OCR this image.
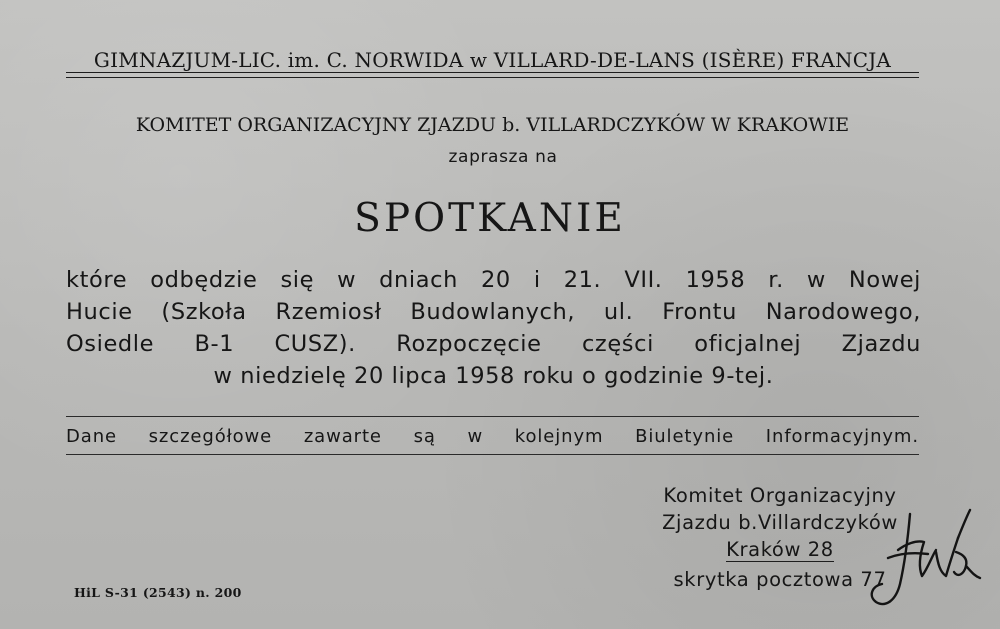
GIMNAZJUM-LIC. im. C. NORWIDA w VILLARD-DE-LANS (ISÈRE) FRANCJA
KOMITET ORGANIZACYJNY ZJAZDU b. VILLARDCZYKÓW W KRAKOWIE
zaprasza na
SPOTKANIE
które odbędzie się w dniach 20 i 21. VII. 1958 r. w Nowej
Hucie (Szkoła Rzemiosł Budowlanych, ul. Frontu Narodowego,
Osiedle B-1 CUSZ). Rozpoczęcie części oficjalnej Zjazdu
w niedzielę 20 lipca 1958 roku o godzinie 9-tej.
Dane szczegółowe zawarte są w kolejnym Biuletynie Informacyjnym.
Komitet Organizacyjny
Zjazdu b.Villardczyków
Kraków 28
skrytka pocztowa 77
HiL S-31 (2543) n. 200
